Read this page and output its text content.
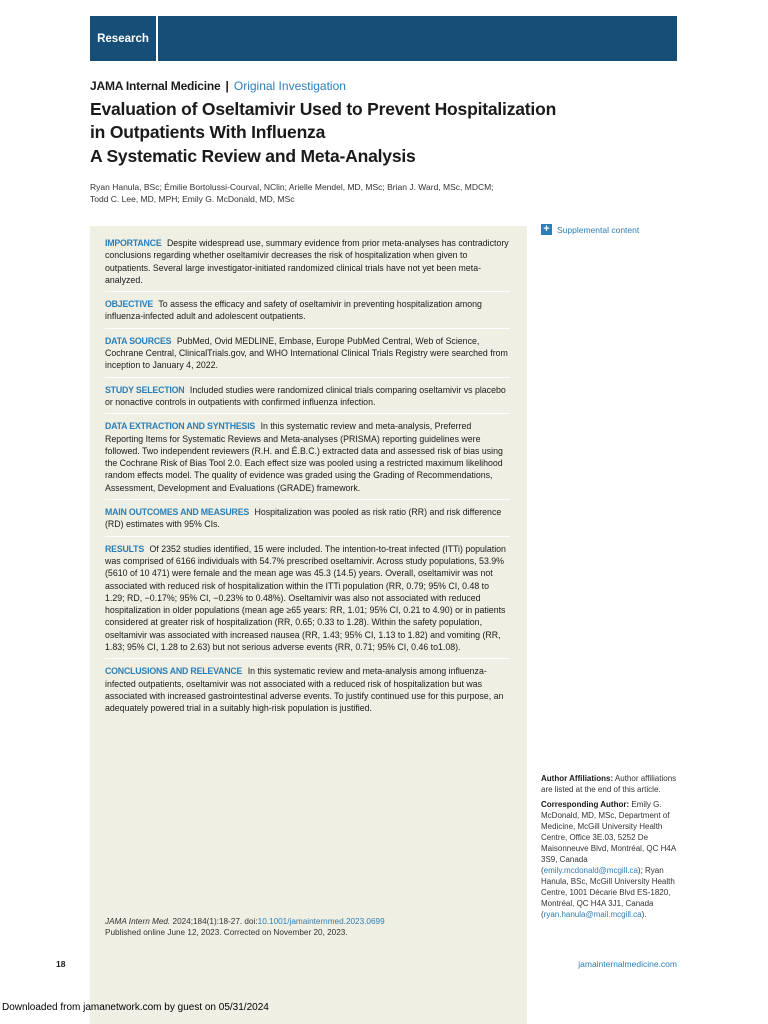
Research
JAMA Internal Medicine | Original Investigation
Evaluation of Oseltamivir Used to Prevent Hospitalization in Outpatients With Influenza
A Systematic Review and Meta-Analysis

Ryan Hanula, BSc; Émilie Bortolussi-Courval, NClin; Arielle Mendel, MD, MSc; Brian J. Ward, MSc, MDCM; Todd C. Lee, MD, MPH; Emily G. McDonald, MD, MSc

IMPORTANCE Despite widespread use, summary evidence from prior meta-analyses has contradictory conclusions regarding whether oseltamivir decreases the risk of hospitalization when given to outpatients. Several large investigator-initiated randomized clinical trials have not yet been meta-analyzed.

OBJECTIVE To assess the efficacy and safety of oseltamivir in preventing hospitalization among influenza-infected adult and adolescent outpatients.

DATA SOURCES PubMed, Ovid MEDLINE, Embase, Europe PubMed Central, Web of Science, Cochrane Central, ClinicalTrials.gov, and WHO International Clinical Trials Registry were searched from inception to January 4, 2022.

STUDY SELECTION Included studies were randomized clinical trials comparing oseltamivir vs placebo or nonactive controls in outpatients with confirmed influenza infection.

DATA EXTRACTION AND SYNTHESIS In this systematic review and meta-analysis, Preferred Reporting Items for Systematic Reviews and Meta-analyses (PRISMA) reporting guidelines were followed. Two independent reviewers (R.H. and É.B.C.) extracted data and assessed risk of bias using the Cochrane Risk of Bias Tool 2.0. Each effect size was pooled using a restricted maximum likelihood random effects model. The quality of evidence was graded using the Grading of Recommendations, Assessment, Development and Evaluations (GRADE) framework.

MAIN OUTCOMES AND MEASURES Hospitalization was pooled as risk ratio (RR) and risk difference (RD) estimates with 95% CIs.

RESULTS Of 2352 studies identified, 15 were included. The intention-to-treat infected (ITTi) population was comprised of 6166 individuals with 54.7% prescribed oseltamivir. Across study populations, 53.9% (5610 of 10 471) were female and the mean age was 45.3 (14.5) years. Overall, oseltamivir was not associated with reduced risk of hospitalization within the ITTi population (RR, 0.79; 95% CI, 0.48 to 1.29; RD, −0.17%; 95% CI, −0.23% to 0.48%). Oseltamivir was also not associated with reduced hospitalization in older populations (mean age ≥65 years: RR, 1.01; 95% CI, 0.21 to 4.90) or in patients considered at greater risk of hospitalization (RR, 0.65; 0.33 to 1.28). Within the safety population, oseltamivir was associated with increased nausea (RR, 1.43; 95% CI, 1.13 to 1.82) and vomiting (RR, 1.83; 95% CI, 1.28 to 2.63) but not serious adverse events (RR, 0.71; 95% CI, 0.46 to1.08).

CONCLUSIONS AND RELEVANCE In this systematic review and meta-analysis among influenza-infected outpatients, oseltamivir was not associated with a reduced risk of hospitalization but was associated with increased gastrointestinal adverse events. To justify continued use for this purpose, an adequately powered trial in a suitably high-risk population is justified.

JAMA Intern Med. 2024;184(1):18-27. doi:10.1001/jamainternmed.2023.0699

Published online June 12, 2023. Corrected on November 20, 2023.

+ Supplemental content

Author Affiliations: Author affiliations are listed at the end of this article.

Corresponding Author: Emily G. McDonald, MD, MSc, Department of Medicine, McGill University Health Centre, Office 3E.03, 5252 De Maisonneuve Blvd, Montréal, QC H4A 3S9, Canada (emily.mcdonald@mcgill.ca); Ryan Hanula, BSc, McGill University Health Centre, 1001 Décarie Blvd ES-1820, Montréal, QC H4A 3J1, Canada (ryan.hanula@mail.mcgill.ca).

18	jamainternalmedicine.com
Downloaded from jamanetwork.com by guest on 05/31/2024
